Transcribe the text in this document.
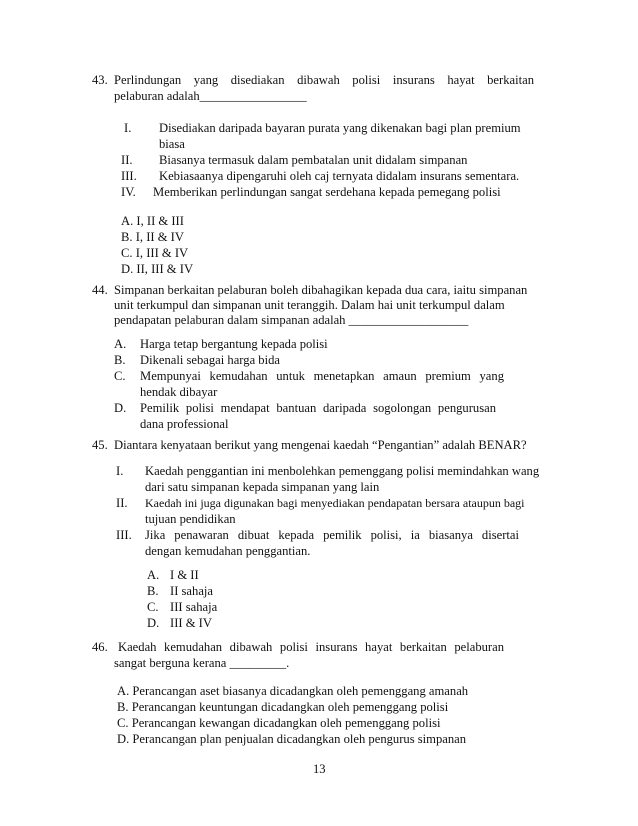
43. Perlindungan yang disediakan dibawah polisi insurans hayat berkaitan
pelaburan adalah_________________
I. Disediakan daripada bayaran purata yang dikenakan bagi plan premium
biasa
II. Biasanya termasuk dalam pembatalan unit didalam simpanan
III. Kebiasaanya dipengaruhi oleh caj ternyata didalam insurans sementara.
IV. Memberikan perlindungan sangat serdehana kepada pemegang polisi
A. I, II & III
B. I, II & IV
C. I, III & IV
D. II, III & IV
44. Simpanan berkaitan pelaburan boleh dibahagikan kepada dua cara, iaitu simpanan
unit terkumpul dan simpanan unit teranggih. Dalam hai unit terkumpul dalam
pendapatan pelaburan dalam simpanan adalah ___________________
A. Harga tetap bergantung kepada polisi
B. Dikenali sebagai harga bida
C. Mempunyai kemudahan untuk menetapkan amaun premium yang
hendak dibayar
D. Pemilik polisi mendapat bantuan daripada sogolongan pengurusan
dana professional
45. Diantara kenyataan berikut yang mengenai kaedah “Pengantian” adalah BENAR?
I. Kaedah penggantian ini menbolehkan pemenggang polisi memindahkan wang
dari satu simpanan kepada simpanan yang lain
II. Kaedah ini juga digunakan bagi menyediakan pendapatan bersara ataupun bagi
tujuan pendidikan
III. Jika penawaran dibuat kepada pemilik polisi, ia biasanya disertai
dengan kemudahan penggantian.
A. I & II
B. II sahaja
C. III sahaja
D. III & IV
46. Kaedah kemudahan dibawah polisi insurans hayat berkaitan pelaburan
sangat berguna kerana _________.
A. Perancangan aset biasanya dicadangkan oleh pemenggang amanah
B. Perancangan keuntungan dicadangkan oleh pemenggang polisi
C. Perancangan kewangan dicadangkan oleh pemenggang polisi
D. Perancangan plan penjualan dicadangkan oleh pengurus simpanan
13
